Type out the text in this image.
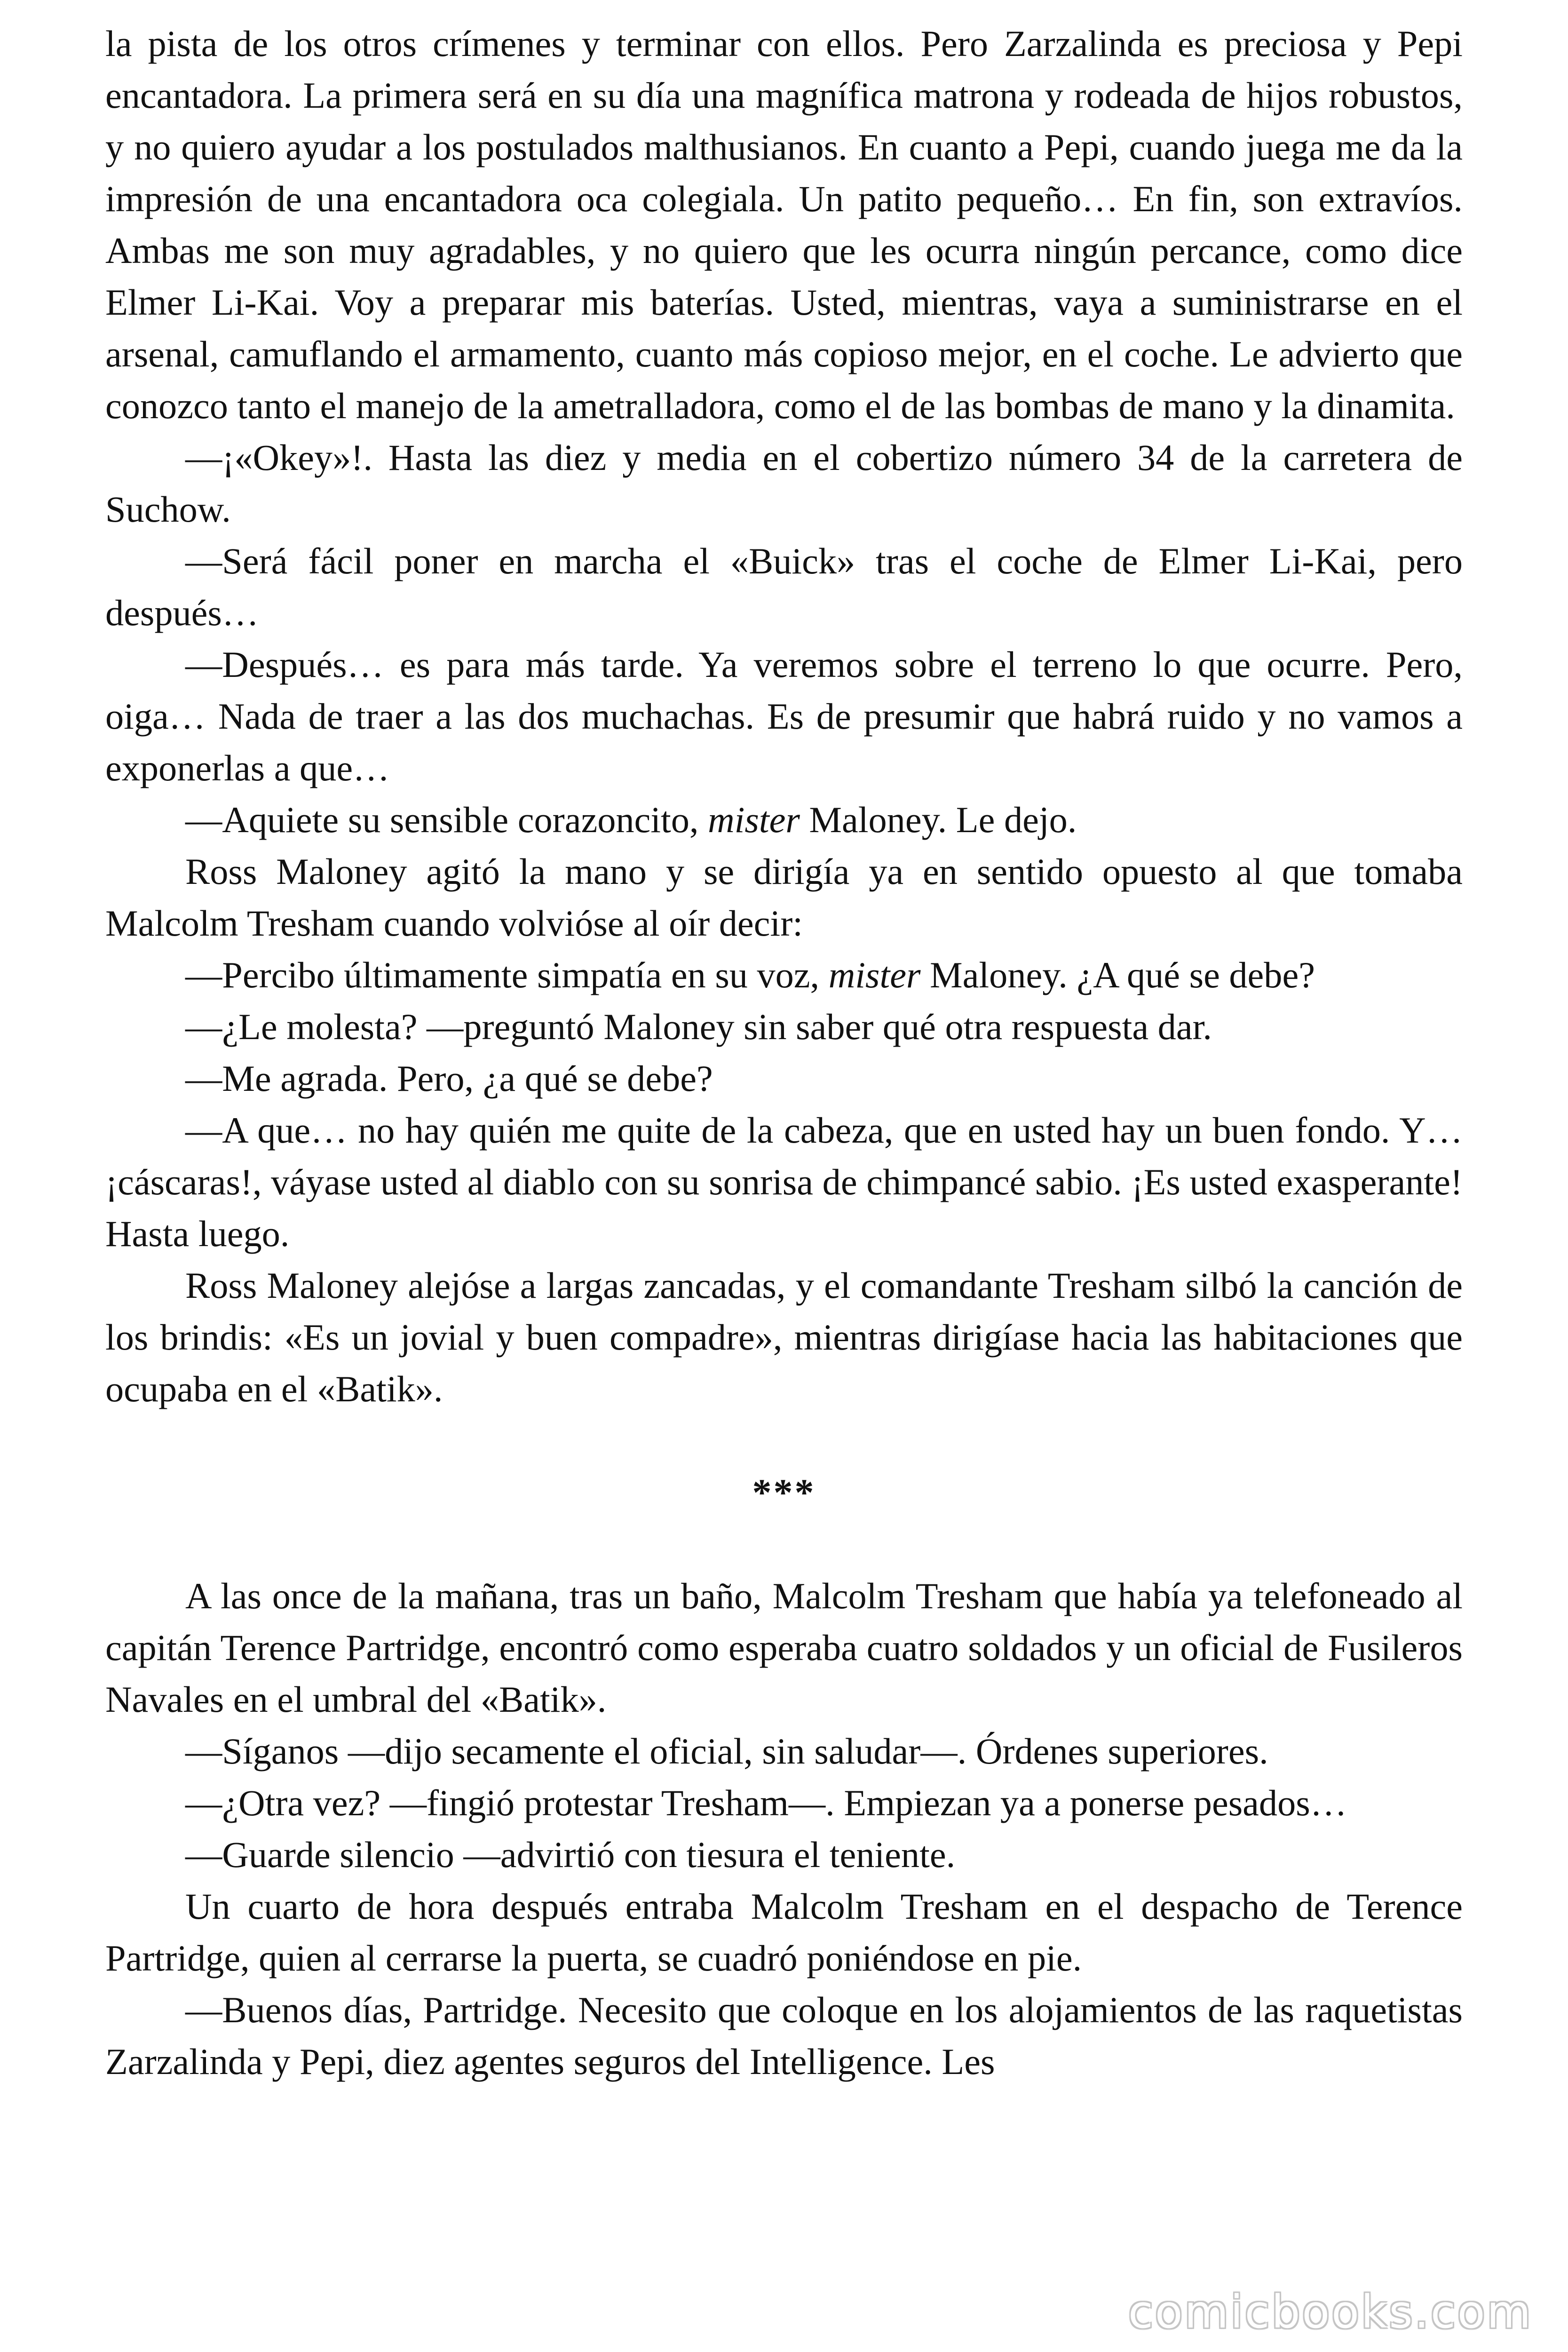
la pista de los otros crímenes y terminar con ellos. Pero Zarzalinda es preciosa y Pepi encantadora. La primera será en su día una magnífica matrona y rodeada de hijos robustos, y no quiero ayudar a los postulados malthusianos. En cuanto a Pepi, cuando juega me da la impresión de una encantadora oca colegiala. Un patito pequeño… En fin, son extravíos. Ambas me son muy agradables, y no quiero que les ocurra ningún percance, como dice Elmer Li-Kai. Voy a preparar mis baterías. Usted, mientras, vaya a suministrarse en el arsenal, camuflando el armamento, cuanto más copioso mejor, en el coche. Le advierto que conozco tanto el manejo de la ametralladora, como el de las bombas de mano y la dinamita.

—¡«Okey»!. Hasta las diez y media en el cobertizo número 34 de la carretera de Suchow.

—Será fácil poner en marcha el «Buick» tras el coche de Elmer Li-Kai, pero después…

—Después… es para más tarde. Ya veremos sobre el terreno lo que ocurre. Pero, oiga… Nada de traer a las dos muchachas. Es de presumir que habrá ruido y no vamos a exponerlas a que…

—Aquiete su sensible corazoncito, mister Maloney. Le dejo.

Ross Maloney agitó la mano y se dirigía ya en sentido opuesto al que tomaba Malcolm Tresham cuando volvióse al oír decir:

—Percibo últimamente simpatía en su voz, mister Maloney. ¿A qué se debe?

—¿Le molesta? —preguntó Maloney sin saber qué otra respuesta dar.

—Me agrada. Pero, ¿a qué se debe?

—A que… no hay quién me quite de la cabeza, que en usted hay un buen fondo. Y… ¡cáscaras!, váyase usted al diablo con su sonrisa de chimpancé sabio. ¡Es usted exasperante! Hasta luego.

Ross Maloney alejóse a largas zancadas, y el comandante Tresham silbó la canción de los brindis: «Es un jovial y buen compadre», mientras dirigíase hacia las habitaciones que ocupaba en el «Batik».

***

A las once de la mañana, tras un baño, Malcolm Tresham que había ya telefoneado al capitán Terence Partridge, encontró como esperaba cuatro soldados y un oficial de Fusileros Navales en el umbral del «Batik».

—Síganos —dijo secamente el oficial, sin saludar—. Órdenes superiores.

—¿Otra vez? —fingió protestar Tresham—. Empiezan ya a ponerse pesados…

—Guarde silencio —advirtió con tiesura el teniente.

Un cuarto de hora después entraba Malcolm Tresham en el despacho de Terence Partridge, quien al cerrarse la puerta, se cuadró poniéndose en pie.

—Buenos días, Partridge. Necesito que coloque en los alojamientos de las raquetistas Zarzalinda y Pepi, diez agentes seguros del Intelligence. Les

comicbooks.com
